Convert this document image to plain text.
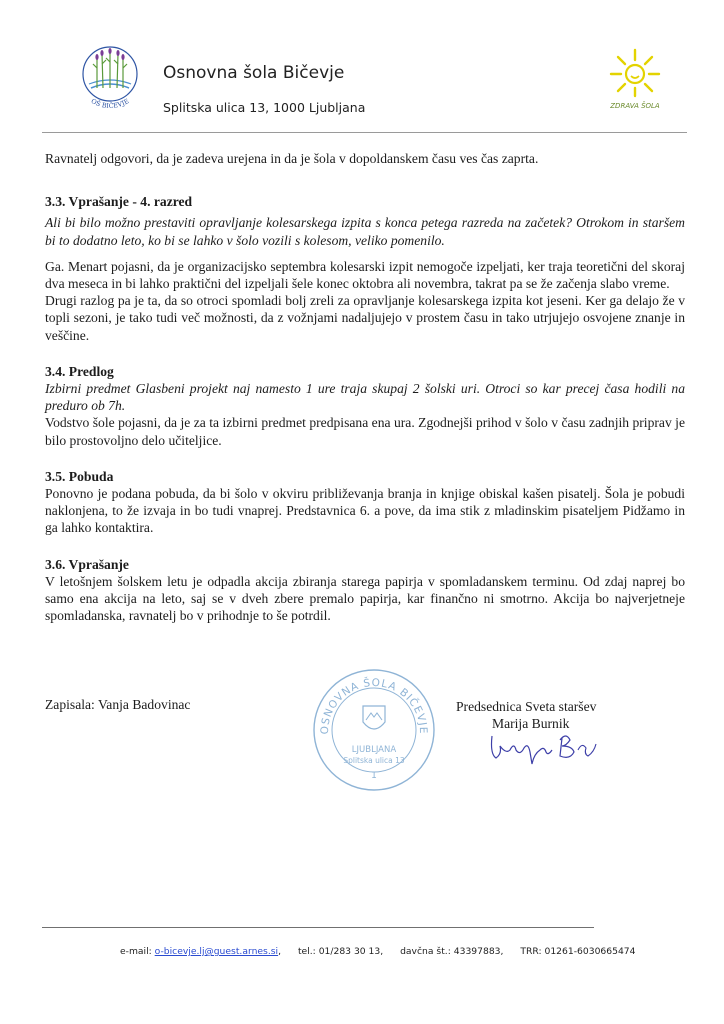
OŠ BIČEVJE
Osnovna šola Bičevje
Splitska ulica 13, 1000 Ljubljana	ZDRAVA ŠOLA

Ravnatelj odgovori, da je zadeva urejena in da je šola v dopoldanskem času ves čas zaprta.

3.3. Vprašanje - 4. razred

Ali bi bilo možno prestaviti opravljanje kolesarskega izpita s konca petega razreda na začetek? Otrokom in staršem bi to dodatno leto, ko bi se lahko v šolo vozili s kolesom, veliko pomenilo.

Ga. Menart pojasni, da je organizacijsko septembra kolesarski izpit nemogoče izpeljati, ker traja teoretični del skoraj dva meseca in bi lahko praktični del izpeljali šele konec oktobra ali novembra, takrat pa se že začenja slabo vreme.

Drugi razlog pa je ta, da so otroci spomladi bolj zreli za opravljanje kolesarskega izpita kot jeseni. Ker ga delajo že v topli sezoni, je tako tudi več možnosti, da z vožnjami nadaljujejo v prostem času in tako utrjujejo osvojene znanje in veščine.

3.4. Predlog

Izbirni predmet Glasbeni projekt naj namesto 1 ure traja skupaj 2 šolski uri. Otroci so kar precej časa hodili na preduro ob 7h.

Vodstvo šole pojasni, da je za ta izbirni predmet predpisana ena ura. Zgodnejši prihod v šolo v času zadnjih priprav je bilo prostovoljno delo učiteljice.

3.5. Pobuda

Ponovno je podana pobuda, da bi šolo v okviru približevanja branja in knjige obiskal kašen pisatelj. Šola je pobudi naklonjena, to že izvaja in bo tudi vnaprej. Predstavnica 6. a pove, da ima stik z mladinskim pisateljem Pidžamo in ga lahko kontaktira.

3.6. Vprašanje

V letošnjem šolskem letu je odpadla akcija zbiranja starega papirja v spomladanskem terminu. Od zdaj naprej bo samo ena akcija na leto, saj se v dveh zbere premalo papirja, kar finančno ni smotrno. Akcija bo najverjetneje spomladanska, ravnatelj bo v prihodnje to še potrdil.

Zapisala: Vanja Badovinac
OSNOVNA ŠOLA BIČEVJE
LJUBLJANA
Splitska ulica 13
1
Predsednica Sveta staršev
Marija Burnik
e-mail: o-bicevje.lj@guest.arnes.si, tel.: 01/283 30 13, davčna št.: 43397883, TRR: 01261-6030665474
